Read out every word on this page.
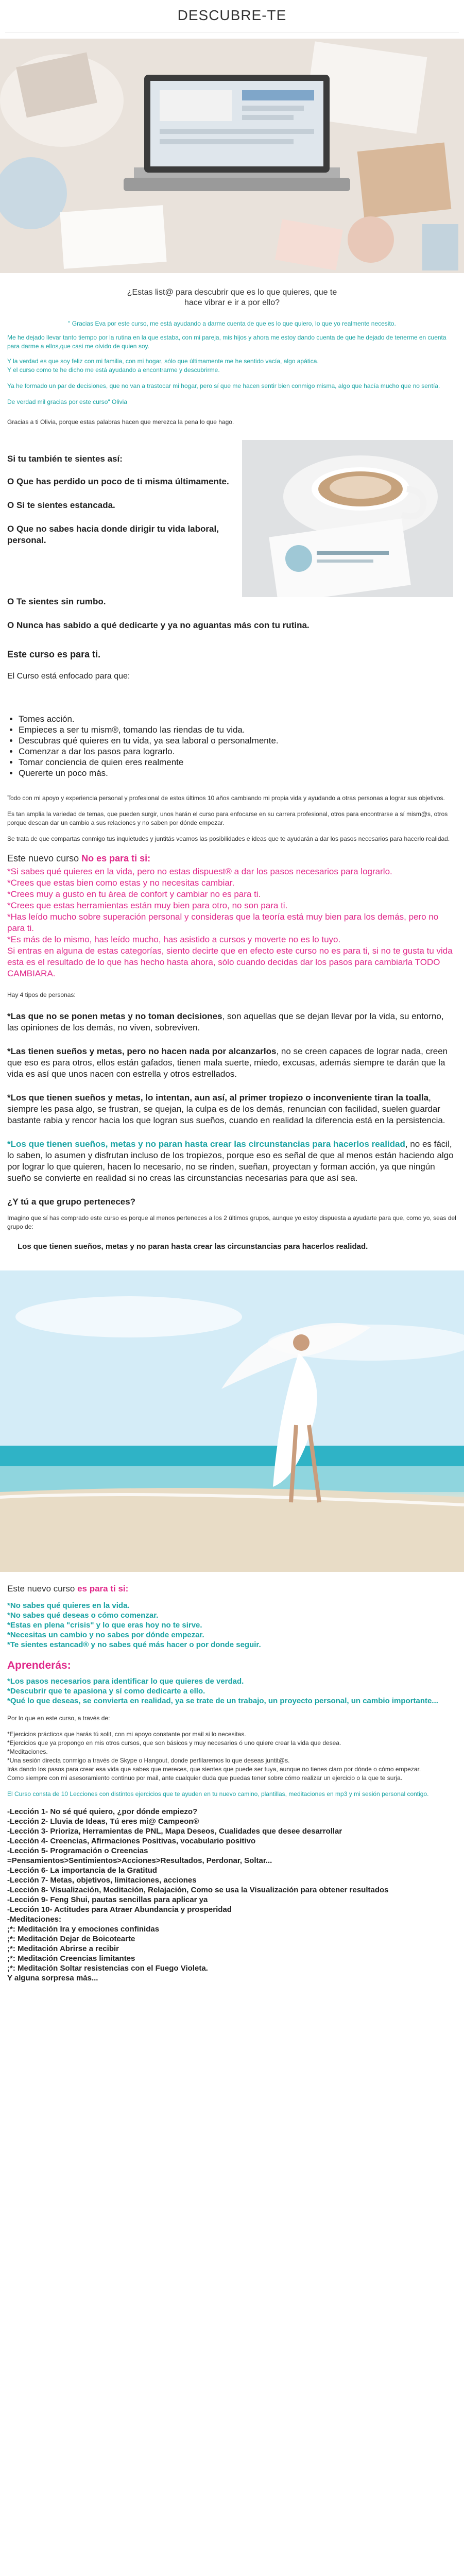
DESCUBRE-TE

¿Estas list@ para descubrir que es lo que quieres, que te hace vibrar e ir a por ello?

" Gracias Eva por este curso, me está ayudando a darme cuenta de que es lo que quiero, lo que yo realmente necesito.

Me he dejado llevar tanto tiempo por la rutina en la que estaba, con mi pareja, mis hijos y ahora me estoy dando cuenta de que he dejado de tenerme en cuenta para darme a ellos,que casi me olvido de quien soy.

Y la verdad es que soy feliz con mi familia, con mi hogar, sólo que últimamente me he sentido vacía, algo apática.

Y el curso como te he dicho me está ayudando a encontrarme y descubrirme.

Ya he formado un par de decisiones, que no van a trastocar mi hogar, pero sí que me hacen sentir bien conmigo misma, algo que hacía mucho que no sentía.

De verdad mil gracias por este curso" Olivia

Gracias a ti Olivia, porque estas palabras hacen que merezca la pena lo que hago.

Si tu también te sientes así:

O Que has perdido un poco de ti misma últimamente.

O Si te sientes estancada.

O Que no sabes hacia donde dirigir tu vida laboral, personal.

O Te sientes sin rumbo.

O Nunca has sabido a qué dedicarte y ya no aguantas más con tu rutina.

Este curso es para ti.

El Curso está enfocado para que:

• Tomes acción.
• Empieces a ser tu mism®, tomando las riendas de tu vida.
• Descubras qué quieres en tu vida, ya sea laboral o personalmente.
• Comenzar a dar los pasos para lograrlo.
• Tomar conciencia de quien eres realmente
• Quererte un poco más.

Todo con mi apoyo y experiencia personal y profesional de estos últimos 10 años cambiando mi propia vida y ayudando a otras personas a lograr sus objetivos.

Es tan amplia la variedad de temas, que pueden surgir, unos harán el curso para enfocarse en su carrera profesional, otros para encontrarse a sí mism@s, otros porque desean dar un cambio a sus relaciones y no saben por dónde empezar.

Se trata de que compartas conmigo tus inquietudes y juntitás veamos las posibilidades e ideas que te ayudarán a dar los pasos necesarios para hacerlo realidad.

Este nuevo curso No es para ti si:

*Si sabes qué quieres en la vida, pero no estas dispuest® a dar los pasos necesarios para lograrlo.

*Crees que estas bien como estas y no necesitas cambiar.

*Crees muy a gusto en tu área de confort y cambiar no es para ti.

*Crees que estas herramientas están muy bien para otro, no son para ti.

*Has leído mucho sobre superación personal y consideras que la teoría está muy bien para los demás, pero no para ti.

*Es más de lo mismo, has leído mucho, has asistido a cursos y moverte no es lo tuyo.

Si entras en alguna de estas categorías, siento decirte que en efecto este curso no es para ti, si no te gusta tu vida esta es el resultado de lo que has hecho hasta ahora, sólo cuando decidas dar los pasos para cambiarla TODO CAMBIARA.

Hay 4 tipos de personas:

*Las que no se ponen metas y no toman decisiones, son aquellas que se dejan llevar por la vida, su entorno, las opiniones de los demás, no viven, sobreviven.

*Las tienen sueños y metas, pero no hacen nada por alcanzarlos, no se creen capaces de lograr nada, creen que eso es para otros, ellos están gafados, tienen mala suerte, miedo, excusas, además siempre te darán que la vida es así que unos nacen con estrella y otros estrellados.

*Los que tienen sueños y metas, lo intentan, aun así, al primer tropiezo o inconveniente tiran la toalla, siempre les pasa algo, se frustran, se quejan, la culpa es de los demás, renuncian con facilidad, suelen guardar bastante rabia y rencor hacia los que logran sus sueños, cuando en realidad la diferencia está en la persistencia.

*Los que tienen sueños, metas y no paran hasta crear las circunstancias para hacerlos realidad, no es fácil, lo saben, lo asumen y disfrutan incluso de los tropiezos, porque eso es señal de que al menos están haciendo algo por lograr lo que quieren, hacen lo necesario, no se rinden, sueñan, proyectan y forman acción, ya que ningún sueño se convierte en realidad si no creas las circunstancias necesarias para que así sea.

¿Y tú a que grupo perteneces?

Imagino que sí has comprado este curso es porque al menos perteneces a los 2 últimos grupos, aunque yo estoy dispuesta a ayudarte para que, como yo, seas del grupo de:

Los que tienen sueños, metas y no paran hasta crear las circunstancias para hacerlos realidad.

Este nuevo curso es para ti si:

*No sabes qué quieres en la vida.

*No sabes qué deseas o cómo comenzar.

*Estas en plena "crisis" y lo que eras hoy no te sirve.

*Necesitas un cambio y no sabes por dónde empezar.

*Te sientes estancad® y no sabes qué más hacer o por donde seguir.

Aprenderás:

*Los pasos necesarios para identificar lo que quieres de verdad.

*Descubrir que te apasiona y sí como dedicarte a ello.

*Qué lo que deseas, se convierta en realidad, ya se trate de un trabajo, un proyecto personal, un cambio importante...

Por lo que en este curso, a través de:

*Ejercicios prácticos que harás tú solit, con mi apoyo constante por mail si lo necesitas.

*Ejercicios que ya propongo en mis otros cursos, que son básicos y muy necesarios ó uno quiere crear la vida que desea.

*Meditaciones.

*Una sesión directa conmigo a través de Skype o Hangout, donde perfilaremos lo que deseas juntit@s.

Irás dando los pasos para crear esa vida que sabes que mereces, que sientes que puede ser tuya, aunque no tienes claro por dónde o cómo empezar.

Como siempre con mi asesoramiento continuo por mail, ante cualquier duda que puedas tener sobre cómo realizar un ejercicio o la que te surja.

El Curso consta de 10 Lecciones con distintos ejercicios que te ayuden en tu nuevo camino, plantillas, meditaciones en mp3 y mi sesión personal contigo.

-Lección 1- No sé qué quiero, ¿por dónde empiezo?

-Lección 2- Lluvia de Ideas, Tú eres mi@ Campeon®

-Lección 3- Prioriza, Herramientas de PNL, Mapa Deseos, Cualidades que desee desarrollar

-Lección 4- Creencias, Afirmaciones Positivas, vocabulario positivo

-Lección 5- Programación o Creencias

=Pensamientos>Sentimientos>Acciones>Resultados, Perdonar, Soltar...

-Lección 6- La importancia de la Gratitud

-Lección 7- Metas, objetivos, limitaciones, acciones

-Lección 8- Visualización, Meditación, Relajación, Como se usa la Visualización para obtener resultados

-Lección 9- Feng Shui, pautas sencillas para aplicar ya

-Lección 10- Actitudes para Atraer Abundancia y prosperidad

-Meditaciones:

;*: Meditación Ira y emociones confinidas

;*: Meditación Dejar de Boicotearte

;*: Meditación Abrirse a recibir

;*: Meditación Creencias limitantes

;*: Meditación Soltar resistencias con el Fuego Violeta.

Y alguna sorpresa más...
